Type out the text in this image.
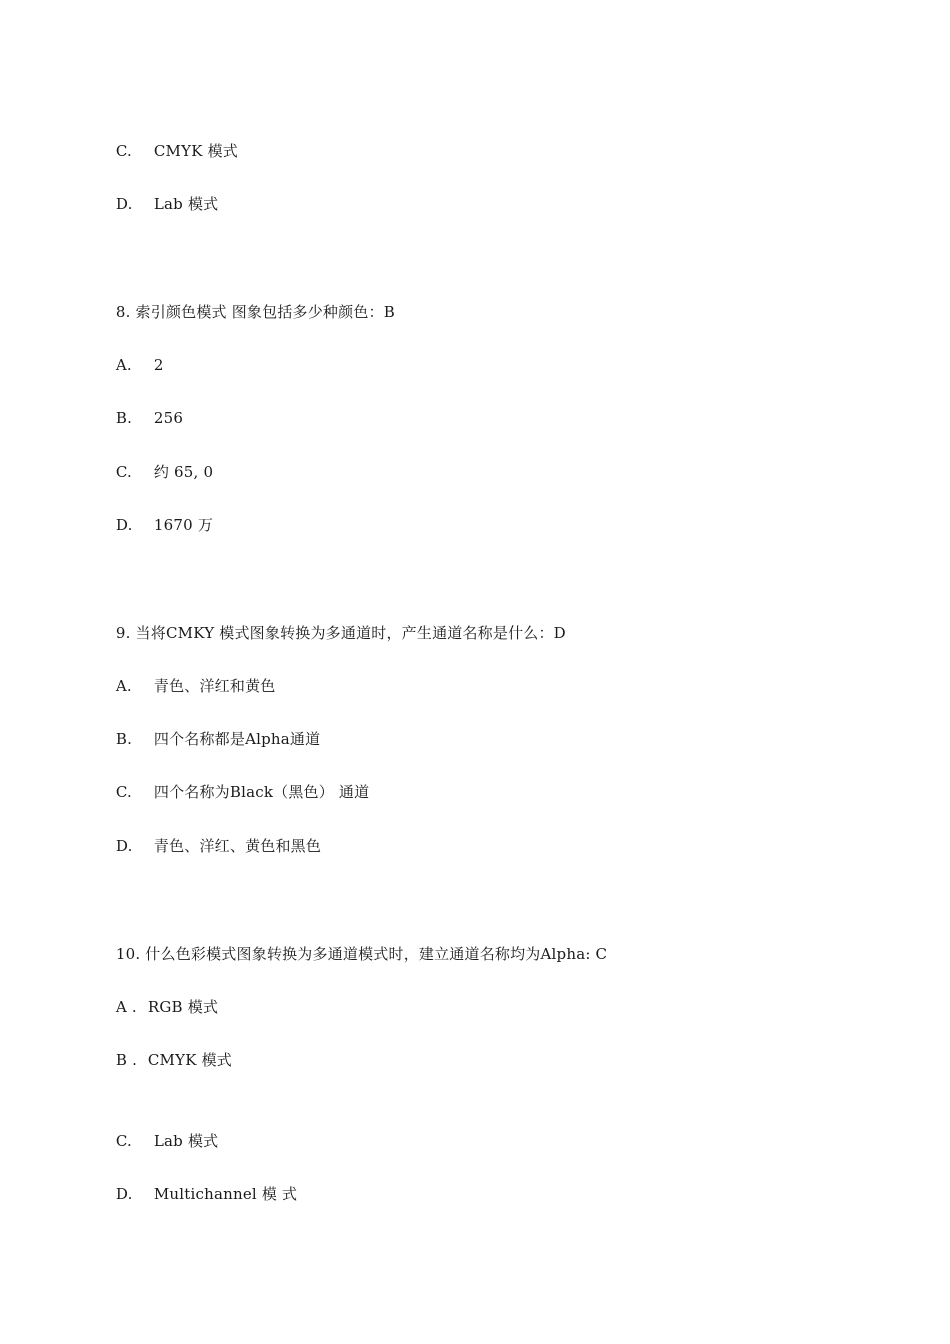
C. CMYK 模式

D. Lab 模式

8. 索引颜色模式 图象包括多少种颜色：B

A. 2

B. 256

C. 约 65, 0

D. 1670 万

9. 当将CMKY 模式图象转换为多通道时，产生通道名称是什么：D

A. 青色、洋红和黄色

B. 四个名称都是Alpha通道

C. 四个名称为Black（黑色） 通道

D. 青色、洋红、黄色和黑色

10. 什么色彩模式图象转换为多通道模式时，建立通道名称均为Alpha: C

A . RGB 模式

B . CMYK 模式

C. Lab 模式

D. Multichannel 模 式
